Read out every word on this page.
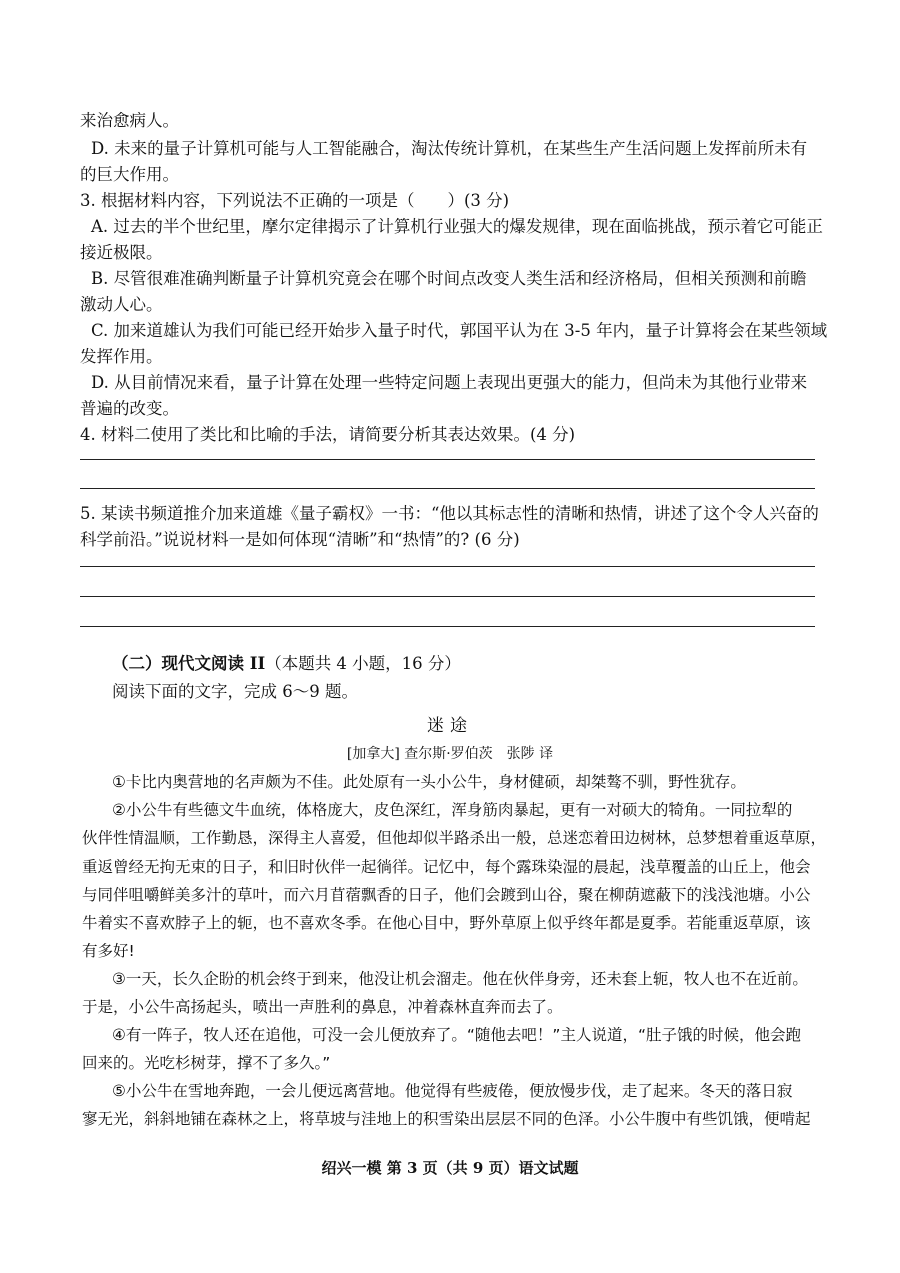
来治愈病人。
D. 未来的量子计算机可能与人工智能融合，淘汰传统计算机，在某些生产生活问题上发挥前所未有
的巨大作用。
3. 根据材料内容，下列说法不正确的一项是（　　）(3 分)
A. 过去的半个世纪里，摩尔定律揭示了计算机行业强大的爆发规律，现在面临挑战，预示着它可能正
接近极限。
B. 尽管很难准确判断量子计算机究竟会在哪个时间点改变人类生活和经济格局，但相关预测和前瞻
激动人心。
C. 加来道雄认为我们可能已经开始步入量子时代，郭国平认为在 3-5 年内，量子计算将会在某些领域
发挥作用。
D. 从目前情况来看，量子计算在处理一些特定问题上表现出更强大的能力，但尚未为其他行业带来
普遍的改变。
4. 材料二使用了类比和比喻的手法，请简要分析其表达效果。(4 分)
5. 某读书频道推介加来道雄《量子霸权》一书：“他以其标志性的清晰和热情，讲述了这个令人兴奋的
科学前沿。”说说材料一是如何体现“清晰”和“热情”的? (6 分)
（二）现代文阅读 II（本题共 4 小题，16 分）
阅读下面的文字，完成 6～9 题。
迷途
[加拿大] 查尔斯·罗伯茨　张陟 译
①卡比内奥营地的名声颇为不佳。此处原有一头小公牛，身材健硕，却桀骜不驯，野性犹存。
②小公牛有些德文牛血统，体格庞大，皮色深红，浑身筋肉暴起，更有一对硕大的犄角。一同拉犁的
伙伴性情温顺，工作勤恳，深得主人喜爱，但他却似半路杀出一般，总迷恋着田边树林，总梦想着重返草原，
重返曾经无拘无束的日子，和旧时伙伴一起徜徉。记忆中，每个露珠染湿的晨起，浅草覆盖的山丘上，他会
与同伴咀嚼鲜美多汁的草叶，而六月苜蓿飘香的日子，他们会踱到山谷，聚在柳荫遮蔽下的浅浅池塘。小公
牛着实不喜欢脖子上的轭，也不喜欢冬季。在他心目中，野外草原上似乎终年都是夏季。若能重返草原，该
有多好!
③一天，长久企盼的机会终于到来，他没让机会溜走。他在伙伴身旁，还未套上轭，牧人也不在近前。
于是，小公牛高扬起头，喷出一声胜利的鼻息，冲着森林直奔而去了。
④有一阵子，牧人还在追他，可没一会儿便放弃了。“随他去吧！”主人说道，“肚子饿的时候，他会跑
回来的。光吃杉树芽，撑不了多久。”
⑤小公牛在雪地奔跑，一会儿便远离营地。他觉得有些疲倦，便放慢步伐，走了起来。冬天的落日寂
寥无光，斜斜地铺在森林之上，将草坡与洼地上的积雪染出层层不同的色泽。小公牛腹中有些饥饿，便啃起
绍兴一模 第 3 页（共 9 页）语文试题
